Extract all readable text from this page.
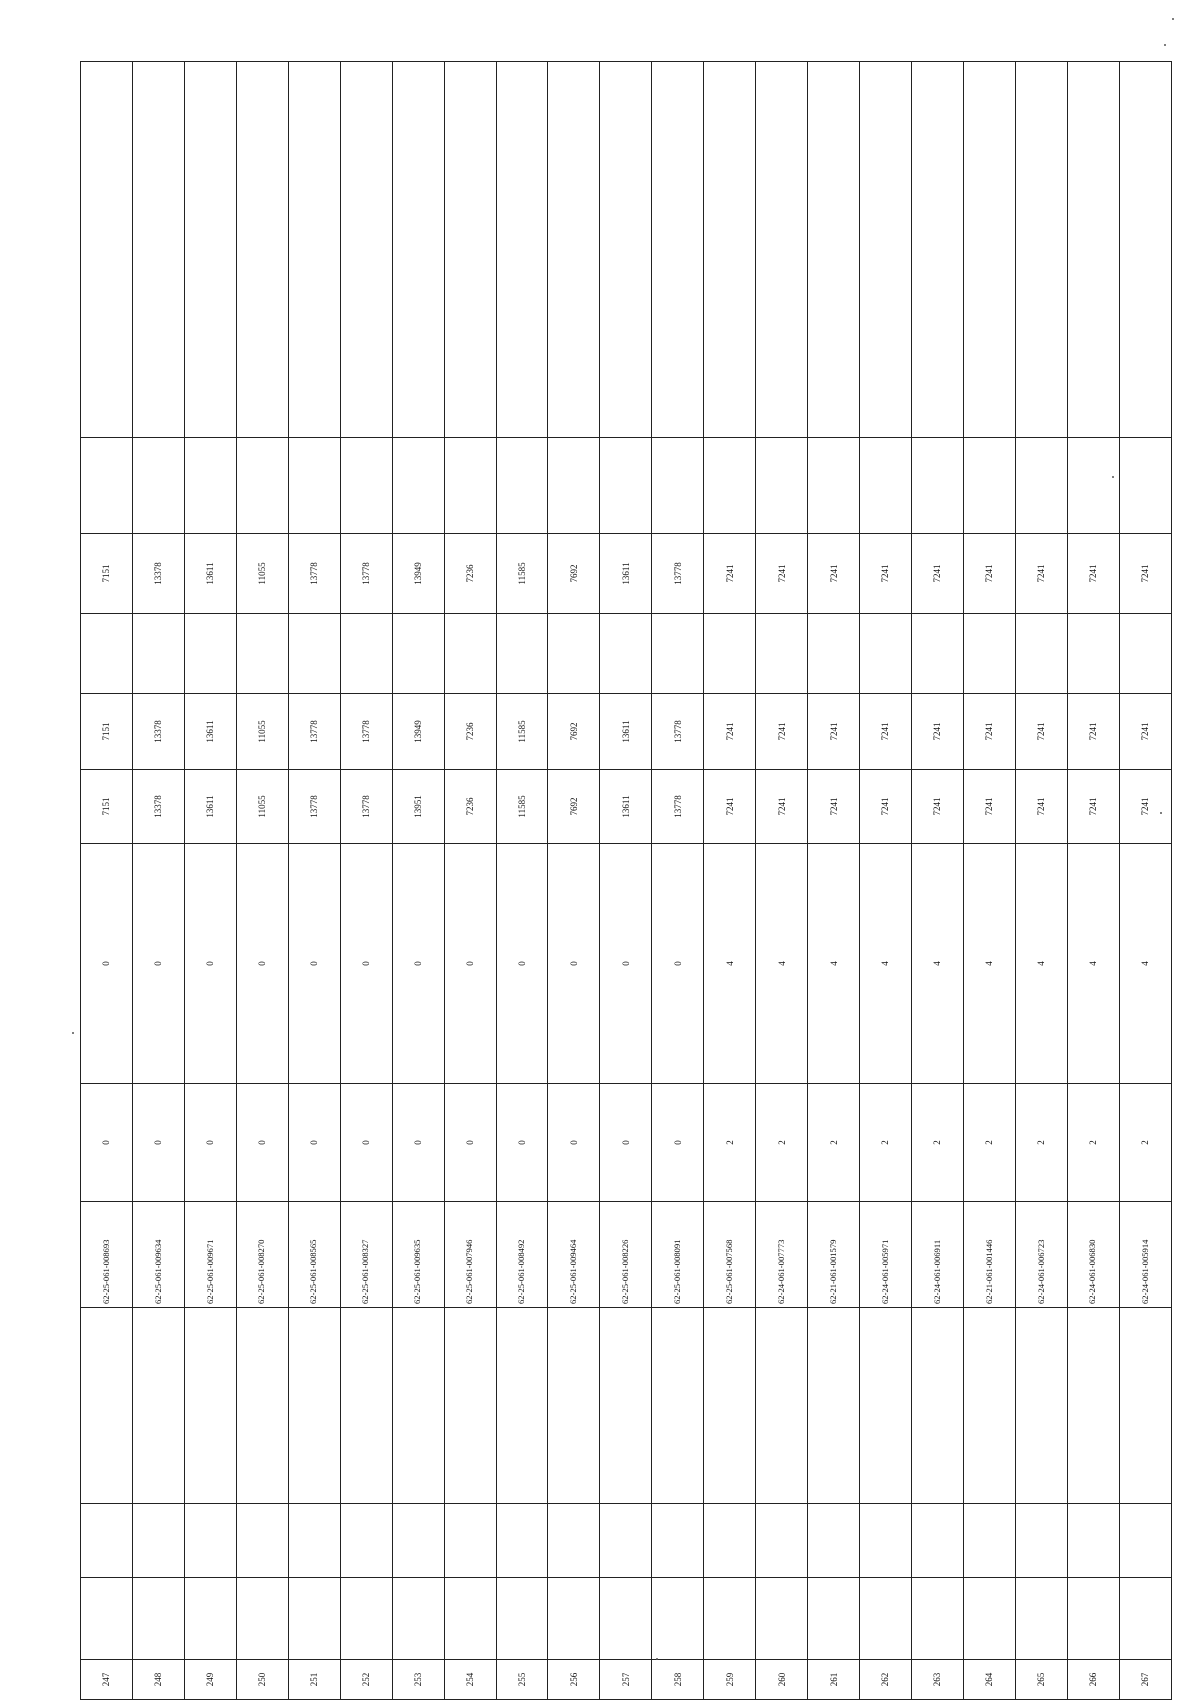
247				62-25-061-008693	0	0	7151	7151		7151		
248				62-25-061-009634	0	0	13378	13378		13378		
249				62-25-061-009671	0	0	13611	13611		13611		
250				62-25-061-008270	0	0	11055	11055		11055		
251				62-25-061-008565	0	0	13778	13778		13778		
252				62-25-061-008327	0	0	13778	13778		13778		
253				62-25-061-009635	0	0	13951	13949		13949		
254				62-25-061-007946	0	0	7236	7236		7236		
255				62-25-061-008492	0	0	11585	11585		11585		
256				62-25-061-009464	0	0	7692	7692		7692		
257				62-25-061-008226	0	0	13611	13611		13611		
258				62-25-061-008091	0	0	13778	13778		13778		
259				62-25-061-007568	2	4	7241	7241		7241		
260				62-24-061-007773	2	4	7241	7241		7241		
261				62-21-061-001579	2	4	7241	7241		7241		
262				62-24-061-005971	2	4	7241	7241		7241		
263				62-24-061-006911	2	4	7241	7241		7241		
264				62-21-061-001446	2	4	7241	7241		7241		
265				62-24-061-006723	2	4	7241	7241		7241		
266				62-24-061-006830	2	4	7241	7241		7241		
267				62-24-061-005914	2	4	7241	7241		7241		
